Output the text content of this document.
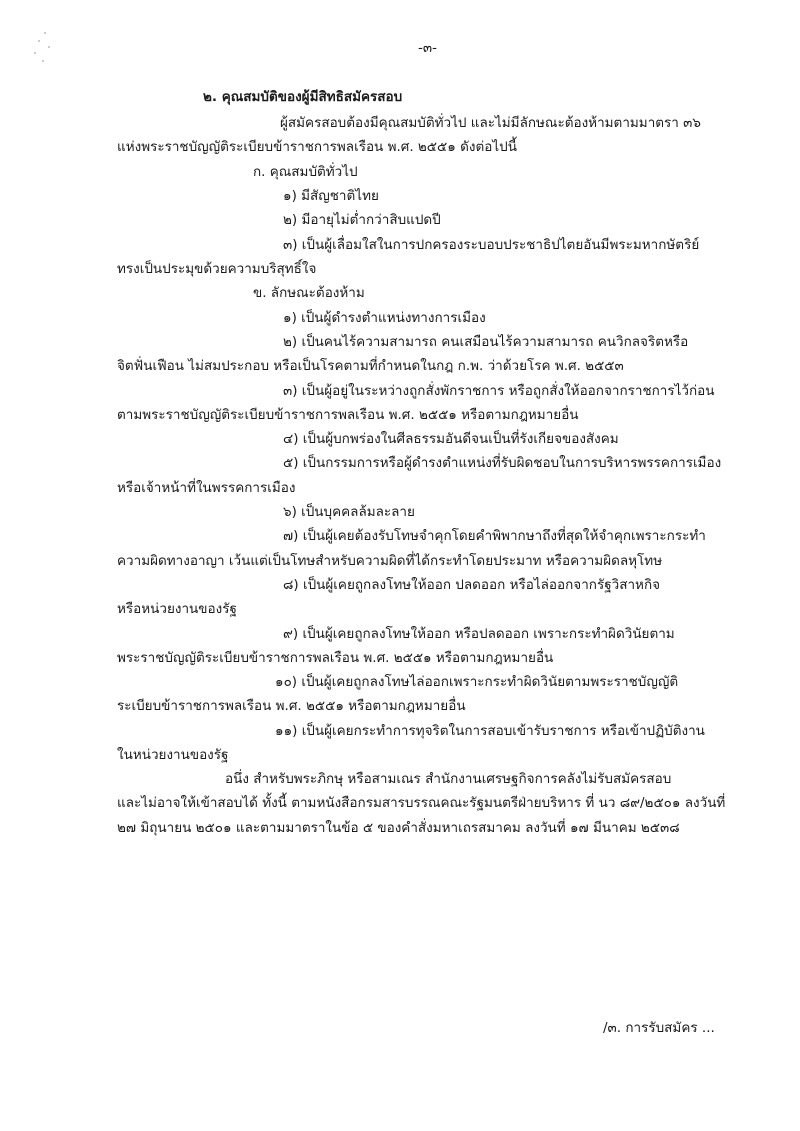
-๓-
๒. คุณสมบัติของผู้มีสิทธิสมัครสอบ
ผู้สมัครสอบต้องมีคุณสมบัติทั่วไป และไม่มีลักษณะต้องห้ามตามมาตรา ๓๖
แห่งพระราชบัญญัติระเบียบข้าราชการพลเรือน พ.ศ. ๒๕๕๑ ดังต่อไปนี้
ก. คุณสมบัติทั่วไป
๑) มีสัญชาติไทย
๒) มีอายุไม่ต่ำกว่าสิบแปดปี
๓) เป็นผู้เลื่อมใสในการปกครองระบอบประชาธิปไตยอันมีพระมหากษัตริย์
ทรงเป็นประมุขด้วยความบริสุทธิ์ใจ
ข. ลักษณะต้องห้าม
๑) เป็นผู้ดำรงตำแหน่งทางการเมือง
๒) เป็นคนไร้ความสามารถ คนเสมือนไร้ความสามารถ คนวิกลจริตหรือ
จิตฟั่นเฟือน ไม่สมประกอบ หรือเป็นโรคตามที่กำหนดในกฎ ก.พ. ว่าด้วยโรค พ.ศ. ๒๕๕๓
๓) เป็นผู้อยู่ในระหว่างถูกสั่งพักราชการ หรือถูกสั่งให้ออกจากราชการไว้ก่อน
ตามพระราชบัญญัติระเบียบข้าราชการพลเรือน พ.ศ. ๒๕๕๑ หรือตามกฎหมายอื่น
๔) เป็นผู้บกพร่องในศีลธรรมอันดีจนเป็นที่รังเกียจของสังคม
๕) เป็นกรรมการหรือผู้ดำรงตำแหน่งที่รับผิดชอบในการบริหารพรรคการเมือง
หรือเจ้าหน้าที่ในพรรคการเมือง
๖) เป็นบุคคลล้มละลาย
๗) เป็นผู้เคยต้องรับโทษจำคุกโดยคำพิพากษาถึงที่สุดให้จำคุกเพราะกระทำ
ความผิดทางอาญา เว้นแต่เป็นโทษสำหรับความผิดที่ได้กระทำโดยประมาท หรือความผิดลหุโทษ
๘) เป็นผู้เคยถูกลงโทษให้ออก ปลดออก หรือไล่ออกจากรัฐวิสาหกิจ
หรือหน่วยงานของรัฐ
๙) เป็นผู้เคยถูกลงโทษให้ออก หรือปลดออก เพราะกระทำผิดวินัยตาม
พระราชบัญญัติระเบียบข้าราชการพลเรือน พ.ศ. ๒๕๕๑ หรือตามกฎหมายอื่น
๑๐) เป็นผู้เคยถูกลงโทษไล่ออกเพราะกระทำผิดวินัยตามพระราชบัญญัติ
ระเบียบข้าราชการพลเรือน พ.ศ. ๒๕๕๑ หรือตามกฎหมายอื่น
๑๑) เป็นผู้เคยกระทำการทุจริตในการสอบเข้ารับราชการ หรือเข้าปฏิบัติงาน
ในหน่วยงานของรัฐ
อนึ่ง สำหรับพระภิกษุ หรือสามเณร สำนักงานเศรษฐกิจการคลังไม่รับสมัครสอบ
และไม่อาจให้เข้าสอบได้ ทั้งนี้ ตามหนังสือกรมสารบรรณคณะรัฐมนตรีฝ่ายบริหาร ที่ นว ๘๙/๒๕๐๑ ลงวันที่
๒๗ มิถุนายน ๒๕๐๑ และตามมาตราในข้อ ๕ ของคำสั่งมหาเถรสมาคม ลงวันที่ ๑๗ มีนาคม ๒๕๓๘
/๓. การรับสมัคร ...
